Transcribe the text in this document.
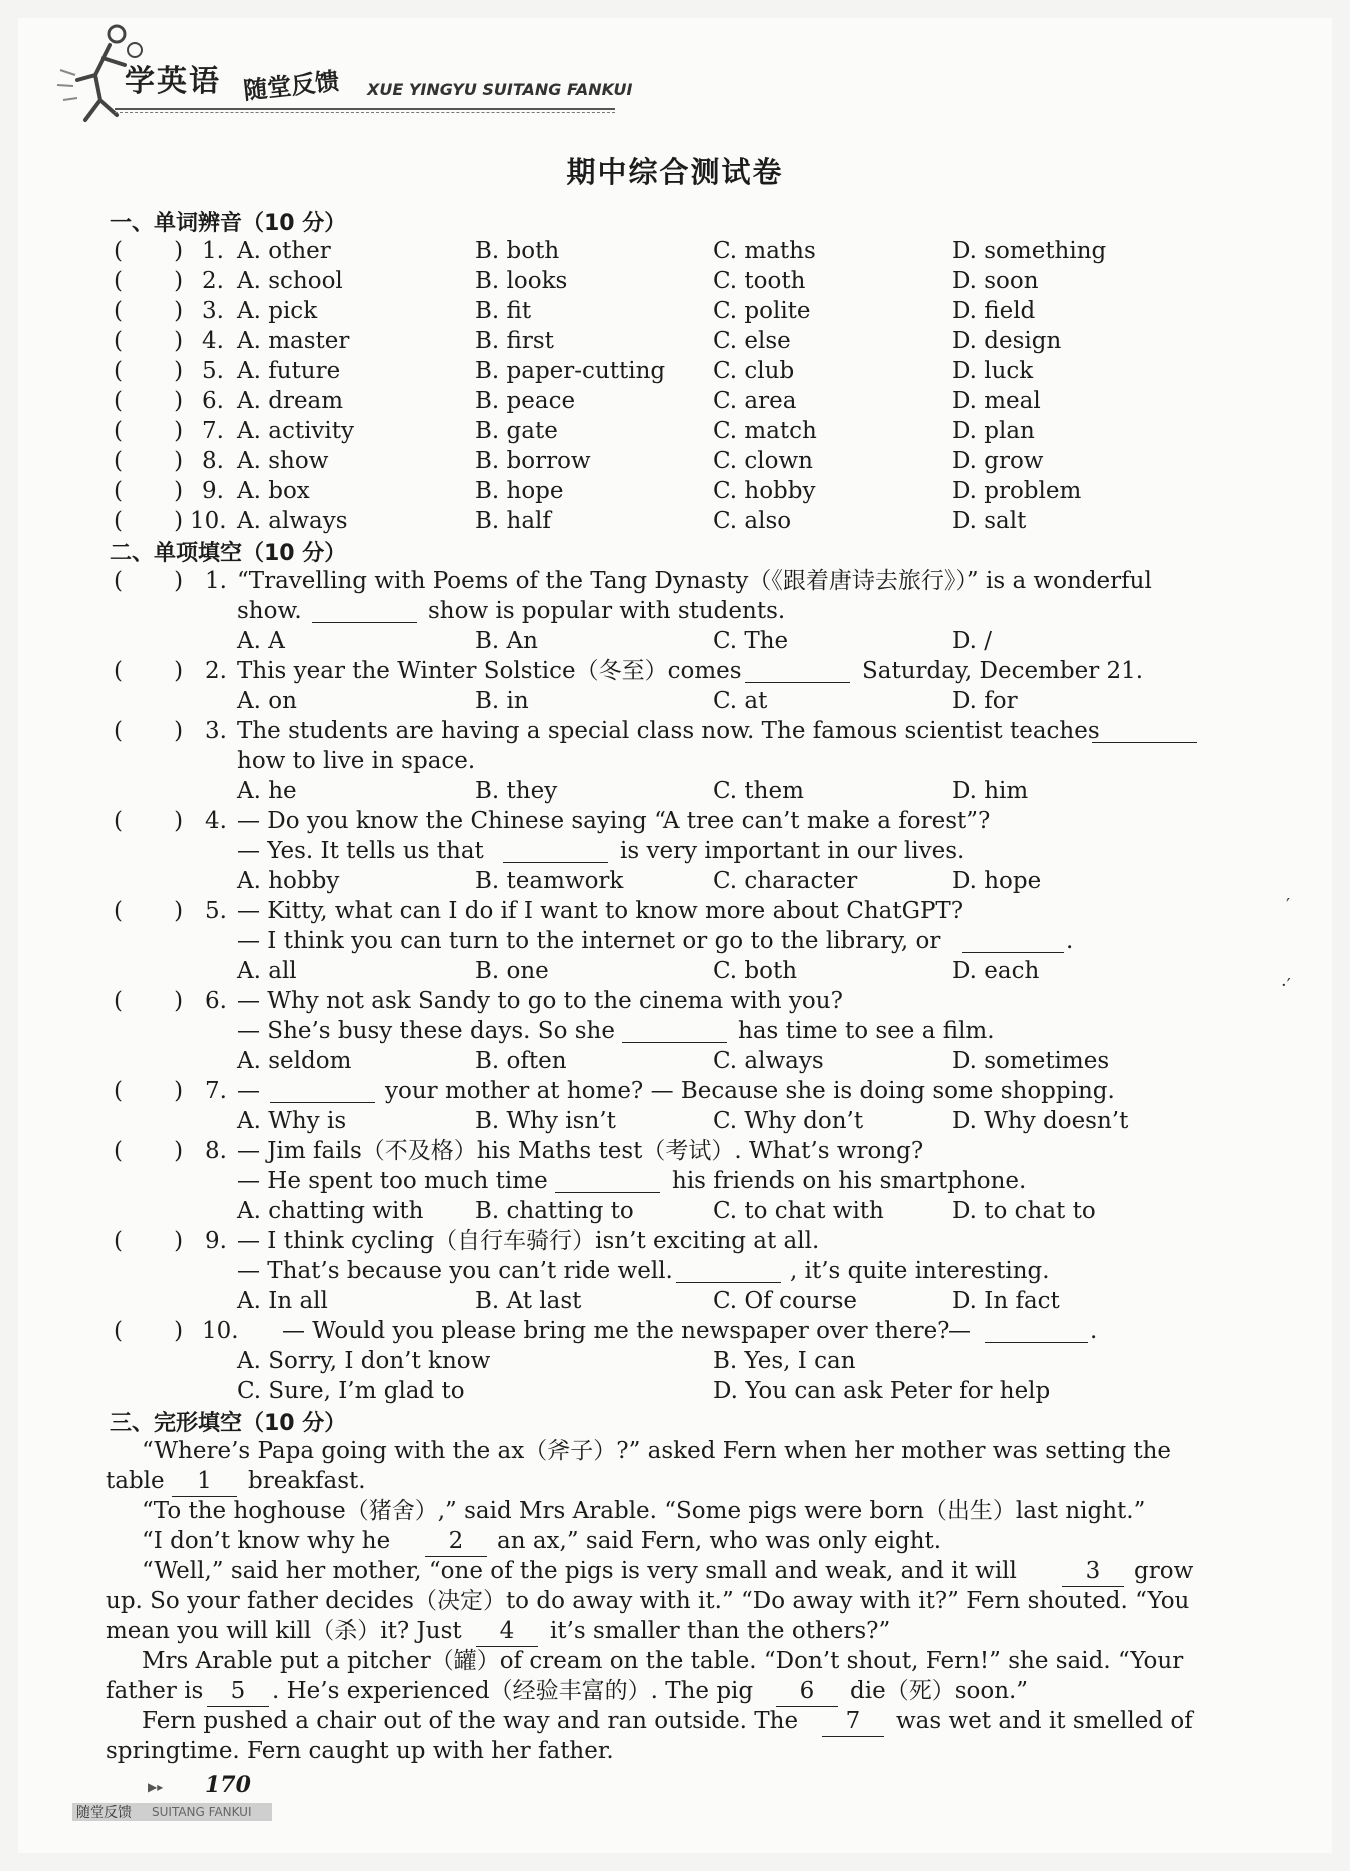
学英语 随堂反馈 XUE YINGYU SUITANG FANKUI
期中综合测试卷
一、单词辨音（10 分）
(       ) 1. A. other	B. both	C. maths	D. something
(       ) 2. A. school	B. looks	C. tooth	D. soon
(       ) 3. A. pick	B. fit	C. polite	D. field
(       ) 4. A. master	B. first	C. else	D. design
(       ) 5. A. future	B. paper-cutting C. club	D. luck
(       ) 6. A. dream	B. peace	C. area	D. meal
(       ) 7. A. activity	B. gate	C. match	D. plan
(       ) 8. A. show	B. borrow	C. clown	D. grow
(       ) 9. A. box	B. hope	C. hobby	D. problem
(       ) 10. A. always	B. half	C. also	D. salt
二、单项填空（10 分）
(       ) 1. “Travelling with Poems of the Tang Dynasty（《跟着唐诗去旅行》）” is a wonderful
show.	show is popular with students.
A. A	B. An	C. The	D. /
(       ) 2. This year the Winter Solstice（冬至）comes	Saturday, December 21.
A. on	B. in	C. at	D. for
(       ) 3. The students are having a special class now. The famous scientist teaches
how to live in space.
A. he	B. they	C. them	D. him
(       ) 4. — Do you know the Chinese saying “A tree can’t make a forest”?
— Yes. It tells us that	is very important in our lives.
A. hobby	B. teamwork	C. character	D. hope
(       ) 5. — Kitty, what can I do if I want to know more about ChatGPT?
— I think you can turn to the internet or go to the library, or	.
A. all	B. one	C. both	D. each
(       ) 6. — Why not ask Sandy to go to the cinema with you?
— She’s busy these days. So she	has time to see a film.
A. seldom	B. often	C. always	D. sometimes
(       ) 7. —	your mother at home? — Because she is doing some shopping.
A. Why is	B. Why isn’t	C. Why don’t	D. Why doesn’t
(       ) 8. — Jim fails（不及格）his Maths test（考试）. What’s wrong?
— He spent too much time	his friends on his smartphone.
A. chatting with B. chatting to	C. to chat with	D. to chat to
(       ) 9. — I think cycling（自行车骑行）isn’t exciting at all.
— That’s because you can’t ride well.	, it’s quite interesting.
A. In all	B. At last	C. Of course	D. In fact
(       ) 10. — Would you please bring me the newspaper over there?
—	.
A. Sorry, I don’t know	B. Yes, I can
C. Sure, I’m glad to	D. You can ask Peter for help
三、完形填空（10 分）
“Where’s Papa going with the ax（斧子）?” asked Fern when her mother was setting the
table	1	breakfast.
“To the hoghouse（猪舍）,” said Mrs Arable. “Some pigs were born（出生）last night.”
“I don’t know why he	2	an ax,” said Fern, who was only eight.
“Well,” said her mother, “one of the pigs is very small and weak, and it will	3	grow
up. So your father decides（决定）to do away with it.” “Do away with it?” Fern shouted. “You
mean you will kill（杀）it? Just	4	it’s smaller than the others?”
Mrs Arable put a pitcher（罐）of cream on the table. “Don’t shout, Fern!” she said. “Your
father is	5	. He’s experienced（经验丰富的）. The pig	6	die（死）soon.”
Fern pushed a chair out of the way and ran outside. The	7	was wet and it smelled of
springtime. Fern caught up with her father.
▶▸ 170
随堂反馈 SUITANG FANKUI
′
·′
